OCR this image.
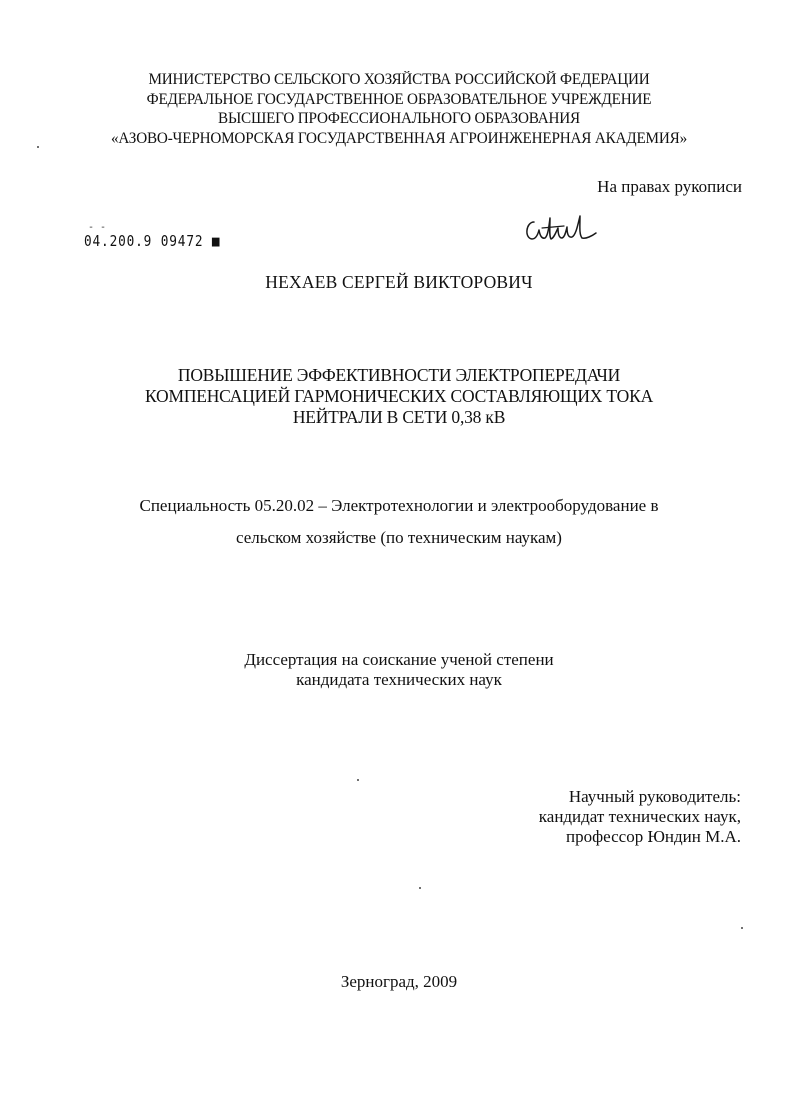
МИНИСТЕРСТВО СЕЛЬСКОГО ХОЗЯЙСТВА РОССИЙСКОЙ ФЕДЕРАЦИИ
ФЕДЕРАЛЬНОЕ ГОСУДАРСТВЕННОЕ ОБРАЗОВАТЕЛЬНОЕ УЧРЕЖДЕНИЕ
ВЫСШЕГО ПРОФЕССИОНАЛЬНОГО ОБРАЗОВАНИЯ
«АЗОВО-ЧЕРНОМОРСКАЯ ГОСУДАРСТВЕННАЯ АГРОИНЖЕНЕРНАЯ АКАДЕМИЯ»
На правах рукописи
- -
04.200.9 09472 ■
НЕХАЕВ СЕРГЕЙ ВИКТОРОВИЧ
ПОВЫШЕНИЕ ЭФФЕКТИВНОСТИ ЭЛЕКТРОПЕРЕДАЧИ
КОМПЕНСАЦИЕЙ ГАРМОНИЧЕСКИХ СОСТАВЛЯЮЩИХ ТОКА
НЕЙТРАЛИ В СЕТИ 0,38 кВ
Специальность 05.20.02 – Электротехнологии и электрооборудование в
сельском хозяйстве (по техническим наукам)
Диссертация на соискание ученой степени
кандидата технических наук
Научный руководитель:
кандидат технических наук,
профессор Юндин М.А.
Зерноград, 2009
